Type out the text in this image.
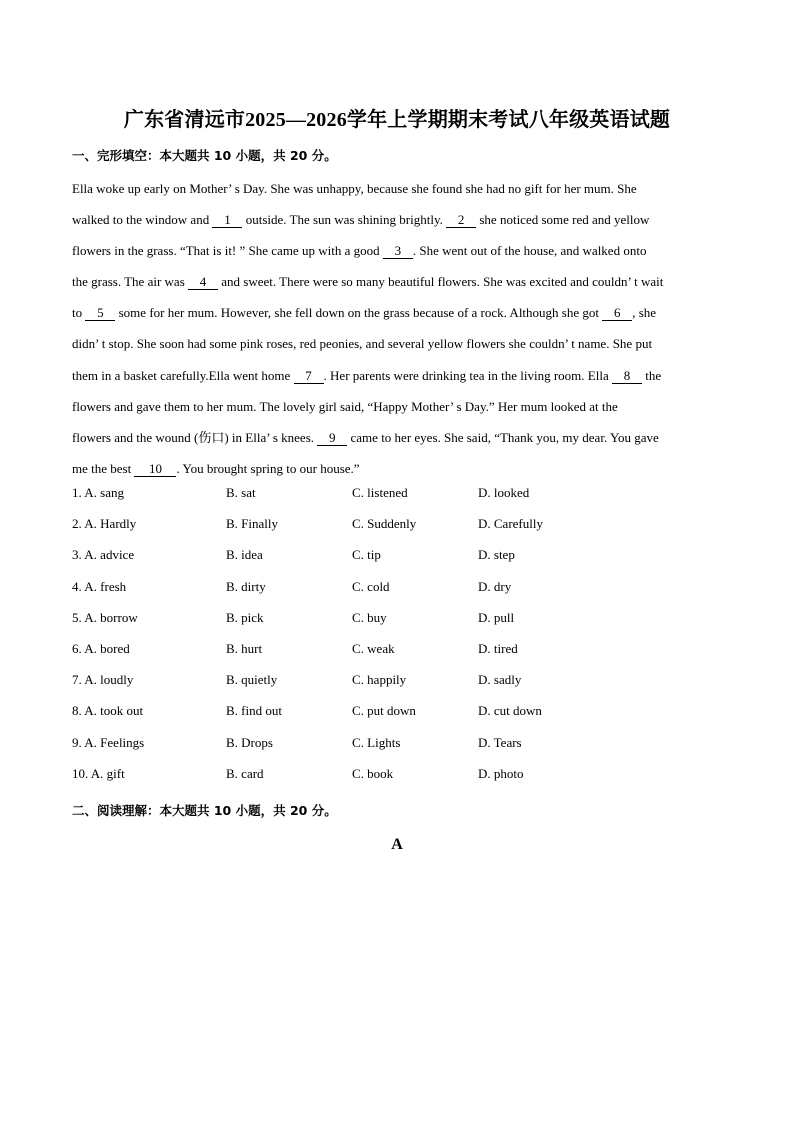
广东省清远市2025—2026学年上学期期末考试八年级英语试题
一、完形填空：本大题共 10 小题，共 20 分。
Ella woke up early on Mother’ s Day. She was unhappy, because she found she had no gift for her mum. She
walked to the window and 1 outside. The sun was shining brightly. 2 she noticed some red and yellow
flowers in the grass. “That is it! ” She came up with a good 3 . She went out of the house, and walked onto
the grass. The air was 4 and sweet. There were so many beautiful flowers. She was excited and couldn’ t wait
to 5 some for her mum. However, she fell down on the grass because of a rock. Although she got 6 , she
didn’ t stop. She soon had some pink roses, red peonies, and several yellow flowers she couldn’ t name. She put
them in a basket carefully.Ella went home 7 . Her parents were drinking tea in the living room. Ella 8 the
flowers and gave them to her mum. The lovely girl said, “Happy Mother’ s Day.” Her mum looked at the
flowers and the wound (伤口) in Ella’ s knees. 9 came to her eyes. She said, “Thank you, my dear. You gave
me the best 10 . You brought spring to our house.”
1. A. sang	B. sat	C. listened	D. looked
2. A. Hardly	B. Finally	C. Suddenly	D. Carefully
3. A. advice	B. idea	C. tip	D. step
4. A. fresh	B. dirty	C. cold	D. dry
5. A. borrow	B. pick	C. buy	D. pull
6. A. bored	B. hurt	C. weak	D. tired
7. A. loudly	B. quietly	C. happily	D. sadly
8. A. took out	B. find out	C. put down	D. cut down
9. A. Feelings	B. Drops	C. Lights	D. Tears
10. A. gift	B. card	C. book	D. photo
二、阅读理解：本大题共 10 小题，共 20 分。
A
